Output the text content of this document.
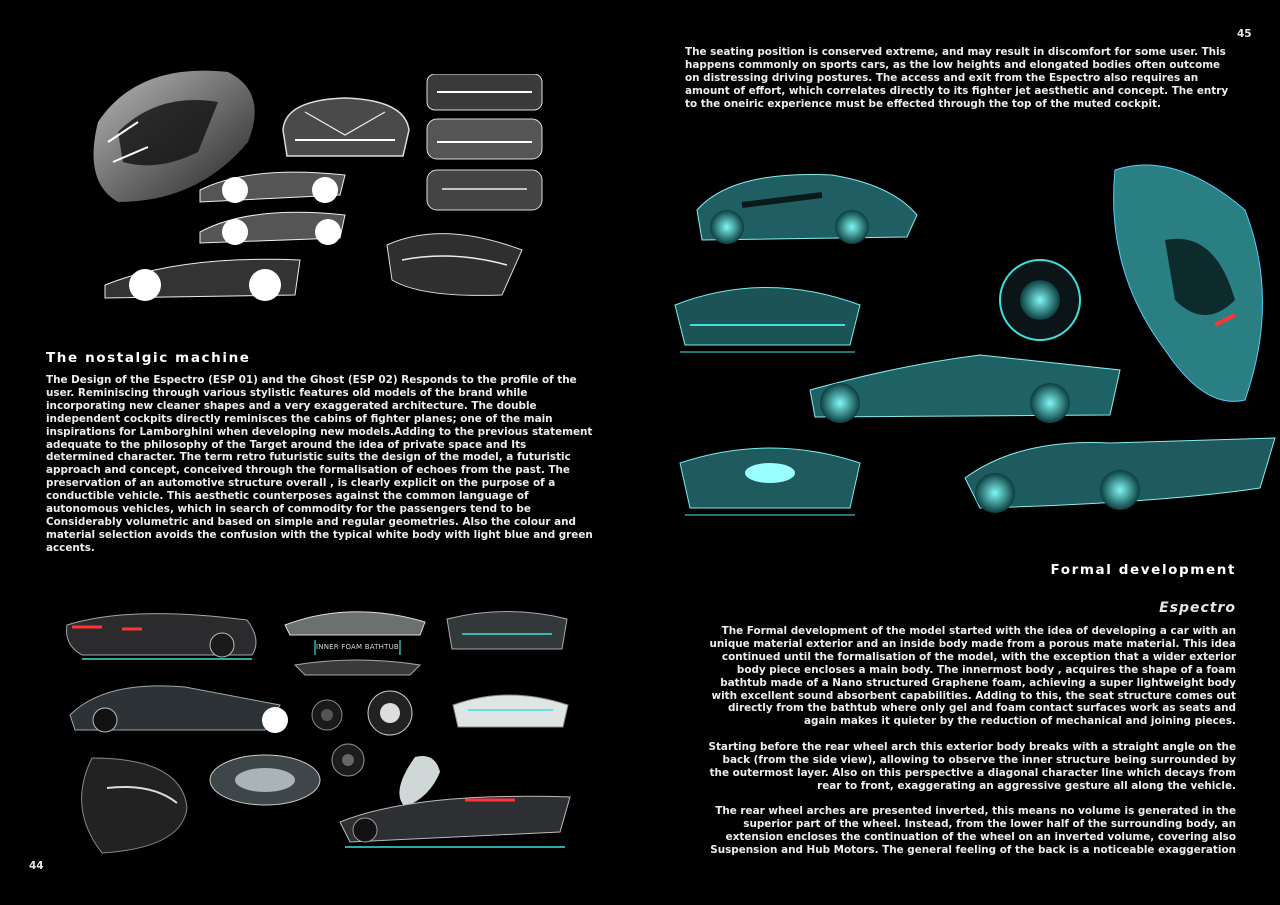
The nostalgic machine

The Design of the Espectro (ESP 01) and the Ghost (ESP 02) Responds to the profile of the user. Reminiscing through various stylistic features old models of the brand while incorporating new cleaner shapes and a very exaggerated architecture. The double independent cockpits directly reminisces the cabins of fighter planes; one of the main inspirations for Lamborghini when developing new models.Adding to the previous statement adequate to the philosophy of the Target around the idea of private space and Its determined character. The term retro futuristic suits the design of the model, a futuristic approach and concept, conceived through the formalisation of echoes from the past. The preservation of an automotive structure overall , is clearly explicit on the purpose of a conductible vehicle. This aesthetic counterposes against the common language of autonomous vehicles, which in search of commodity for the passengers tend to be Considerably volumetric and based on simple and regular geometries. Also the colour and material selection avoids the confusion with the typical white body with light blue and green accents.

INNER FOAM BATHTUB
44
45

The seating position is conserved extreme, and may result in discomfort for some user. This happens commonly on sports cars, as the low heights and elongated bodies often outcome on distressing driving postures. The access and exit from the Espectro also requires an amount of effort, which correlates directly to its fighter jet aesthetic and concept. The entry to the oneiric experience must be effected through the top of the muted cockpit.

Formal development
Espectro

The Formal development of the model started with the idea of developing a car with an unique material exterior and an inside body made from a porous mate material. This idea continued until the formalisation of the model, with the exception that a wider exterior body piece encloses a main body. The innermost body , acquires the shape of a foam bathtub made of a Nano structured Graphene foam, achieving a super lightweight body with excellent sound absorbent capabilities. Adding to this, the seat structure comes out directly from the bathtub where only gel and foam contact surfaces work as seats and again makes it quieter by the reduction of mechanical and joining pieces.

Starting before the rear wheel arch this exterior body breaks with a straight angle on the back (from the side view), allowing to observe the inner structure being surrounded by the outermost layer. Also on this perspective a diagonal character line which decays from rear to front, exaggerating an aggressive gesture all along the vehicle.

The rear wheel arches are presented inverted, this means no volume is generated in the superior part of the wheel. Instead, from the lower half of the surrounding body, an extension encloses the continuation of the wheel on an inverted volume, covering also Suspension and Hub Motors. The general feeling of the back is a noticeable exaggeration
